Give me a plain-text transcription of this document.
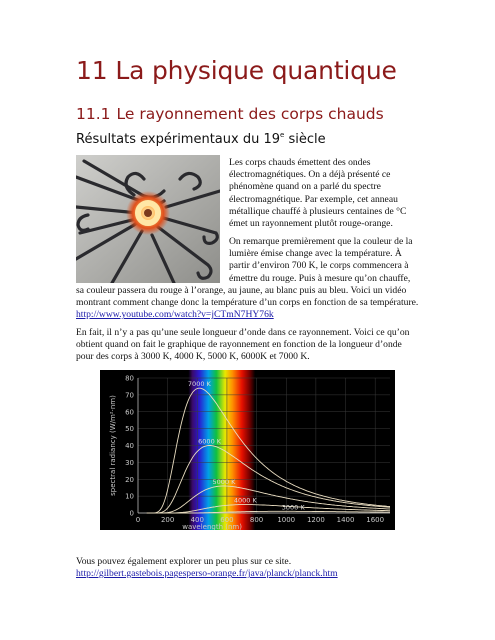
11 La physique quantique
11.1 Le rayonnement des corps chauds
Résultats expérimentaux du 19e siècle
Les corps chauds émettent des ondes
électromagnétiques. On a déjà présenté ce
phénomène quand on a parlé du spectre
électromagnétique. Par exemple, cet anneau
métallique chauffé à plusieurs centaines de °C
émet un rayonnement plutôt rouge-orange.
On remarque premièrement que la couleur de la
lumière émise change avec la température. À
partir d’environ 700 K, le corps commencera à
émettre du rouge. Puis à mesure qu’on chauffe,
sa couleur passera du rouge à l’orange, au jaune, au blanc puis au bleu. Voici un vidéo
montrant comment change donc la température d’un corps en fonction de sa température.
http://www.youtube.com/watch?v=jCTmN7HY76k
En fait, il n’y a pas qu’une seule longueur d’onde dans ce rayonnement. Voici ce qu’on
obtient quand on fait le graphique de rayonnement en fonction de la longueur d’onde
pour des corps à 3000 K, 4000 K, 5000 K, 6000K et 7000 K.
0
10
20
30
40
50
60
70
80
0	200 400 600 800 1000 1200 1400 1600
wavelength (nm)
spectral radiancy (W/m²·nm)
7000 K
6000 K
5000 K
4000 K
3000 K
Vous pouvez également explorer un peu plus sur ce site.
http://gilbert.gastebois.pagesperso-orange.fr/java/planck/planck.htm
